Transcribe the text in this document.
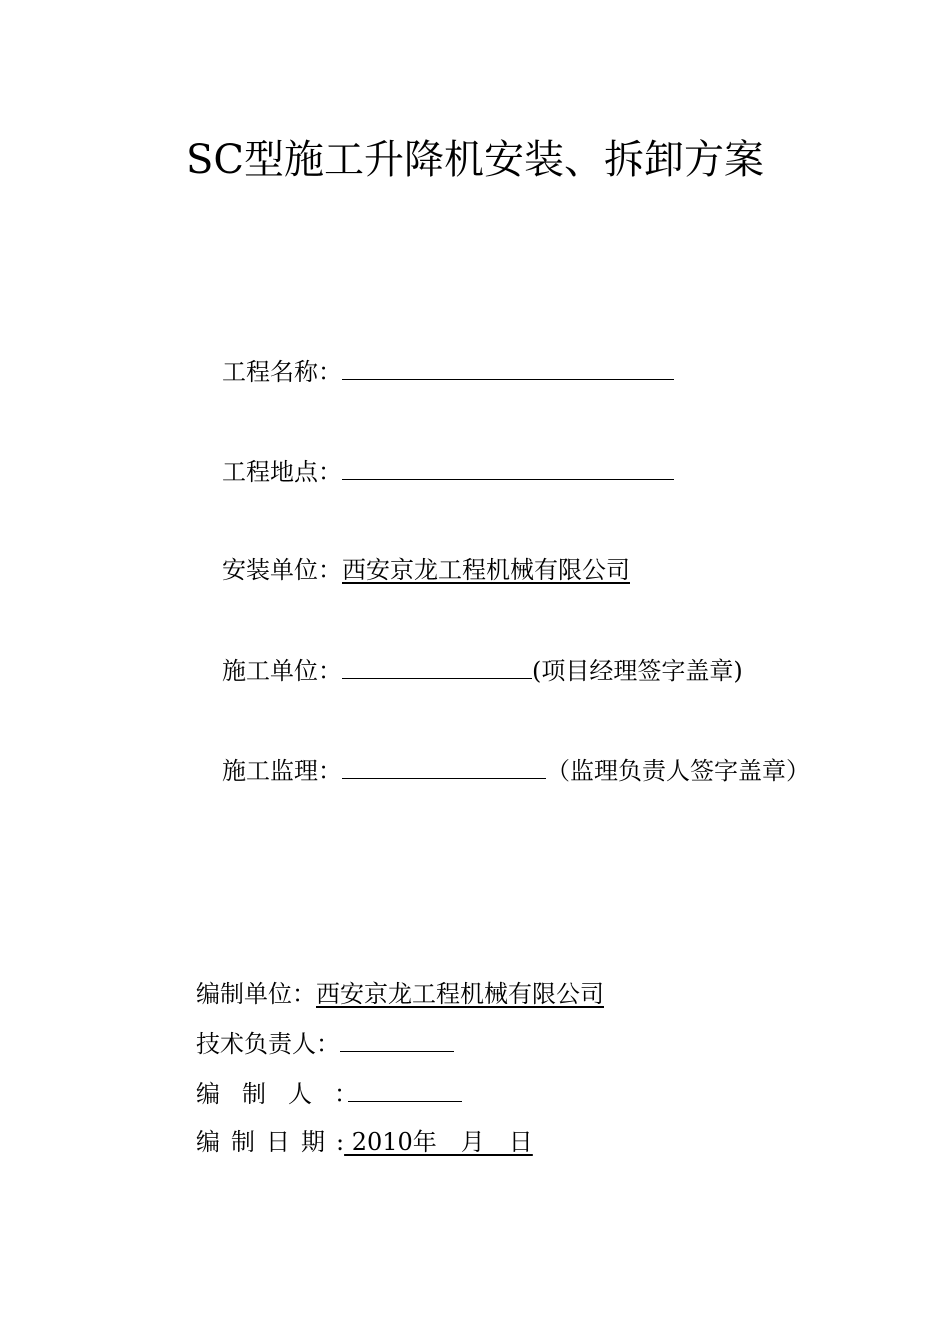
SC型施工升降机安装、拆卸方案
工程名称：
工程地点：
安装单位：西安京龙工程机械有限公司
施工单位：	(项目经理签字盖章)
施工监理：	（监理负责人签字盖章）
编制单位：西安京龙工程机械有限公司
技术负责人：
编制人：
编制日期: 2010年　月　日
